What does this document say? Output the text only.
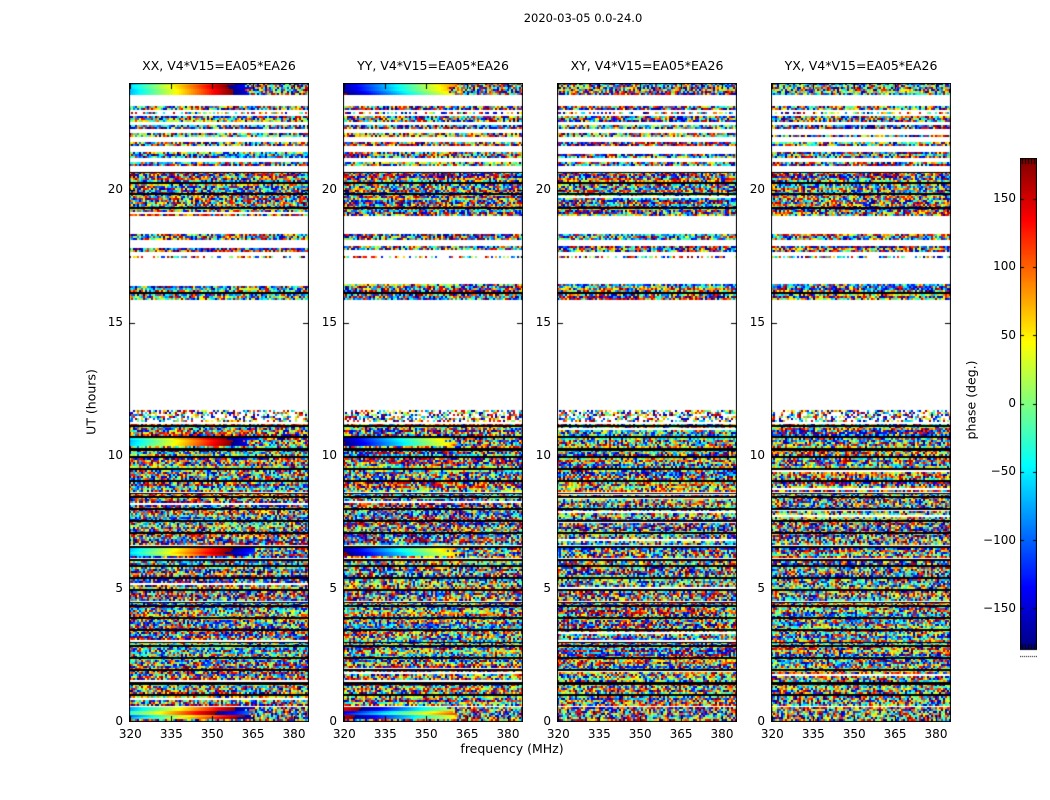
2020-03-05 0.0-24.0
XX, V4*V15=EA05*EA26
320	335	350	365	380
0
5
10
15
20
YY, V4*V15=EA05*EA26
320	335	350	365	380
0
5
10
15
20
XY, V4*V15=EA05*EA26
320	335	350	365	380
0
5
10
15
20
YX, V4*V15=EA05*EA26
320	335	350	365	380
0
5
10
15
20
UT (hours)
frequency (MHz)
phase (deg.)
150
100
50
0
−50
−100
−150
